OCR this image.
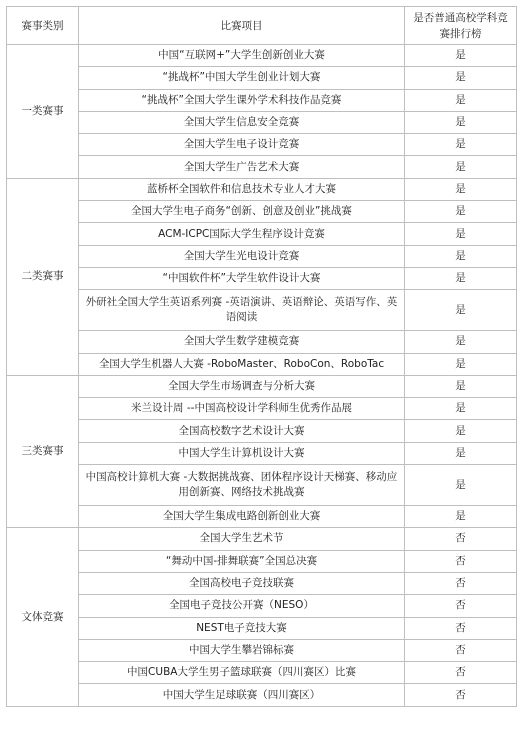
赛事类别	比赛项目	是否普通高校学科竞赛排行榜
一类赛事	中国“互联网+”大学生创新创业大赛	是
	“挑战杯”中国大学生创业计划大赛	是
	“挑战杯”全国大学生课外学术科技作品竞赛	是
	全国大学生信息安全竞赛	是
	全国大学生电子设计竞赛	是
	全国大学生广告艺术大赛	是
二类赛事	蓝桥杯全国软件和信息技术专业人才大赛	是
	全国大学生电子商务“创新、创意及创业”挑战赛	是
	ACM-ICPC国际大学生程序设计竞赛	是
	全国大学生光电设计竞赛	是
	“中国软件杯”大学生软件设计大赛	是
	外研社全国大学生英语系列赛 -英语演讲、英语辩论、英语写作、英语阅读	是
	全国大学生数学建模竞赛	是
	全国大学生机器人大赛 -RoboMaster、RoboCon、RoboTac	是
三类赛事	全国大学生市场调查与分析大赛	是
	米兰设计周 --中国高校设计学科师生优秀作品展	是
	全国高校数字艺术设计大赛	是
	中国大学生计算机设计大赛	是
	中国高校计算机大赛 -大数据挑战赛、团体程序设计天梯赛、移动应用创新赛、网络技术挑战赛	是
	全国大学生集成电路创新创业大赛	是
文体竞赛	全国大学生艺术节	否
	“舞动中国-排舞联赛”全国总决赛	否
	全国高校电子竞技联赛	否
	全国电子竞技公开赛（NESO）	否
	NEST电子竞技大赛	否
	中国大学生攀岩锦标赛	否
	中国CUBA大学生男子篮球联赛（四川赛区）比赛	否
	中国大学生足球联赛（四川赛区）	否
